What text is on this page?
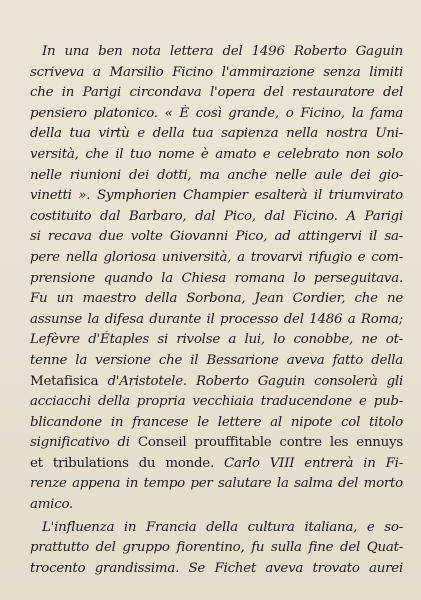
In una ben nota lettera del 1496 Roberto Gaguin
scriveva a Marsilio Ficino l'ammirazione senza limiti
che in Parigi circondava l'opera del restauratore del
pensiero platonico. « È così grande, o Ficino, la fama
della tua virtù e della tua sapienza nella nostra Uni-
versità, che il tuo nome è amato e celebrato non solo
nelle riunioni dei dotti, ma anche nelle aule dei gio-
vinetti ». Symphorien Champier esalterà il triumvirato
costituito dal Barbaro, dal Pico, dal Ficino. A Parigi
si recava due volte Giovanni Pico, ad attingervi il sa-
pere nella gloriosa università, a trovarvi rifugio e com-
prensione quando la Chiesa romana lo perseguitava.
Fu un maestro della Sorbona, Jean Cordier, che ne
assunse la difesa durante il processo del 1486 a Roma;
Lefèvre d'Étaples si rivolse a lui, lo conobbe, ne ot-
tenne la versione che il Bessarione aveva fatto della
Metafisica d'Aristotele. Roberto Gaguin consolerà gli
acciacchi della propria vecchiaia traducendone e pub-
blicandone in francese le lettere al nipote col titolo
significativo di Conseil prouffitable contre les ennuys
et tribulations du monde. Carlo VIII entrerà in Fi-
renze appena in tempo per salutare la salma del morto
amico.
L'influenza in Francia della cultura italiana, e so-
prattutto del gruppo fiorentino, fu sulla fine del Quat-
trocento grandissima. Se Fichet aveva trovato aurei
